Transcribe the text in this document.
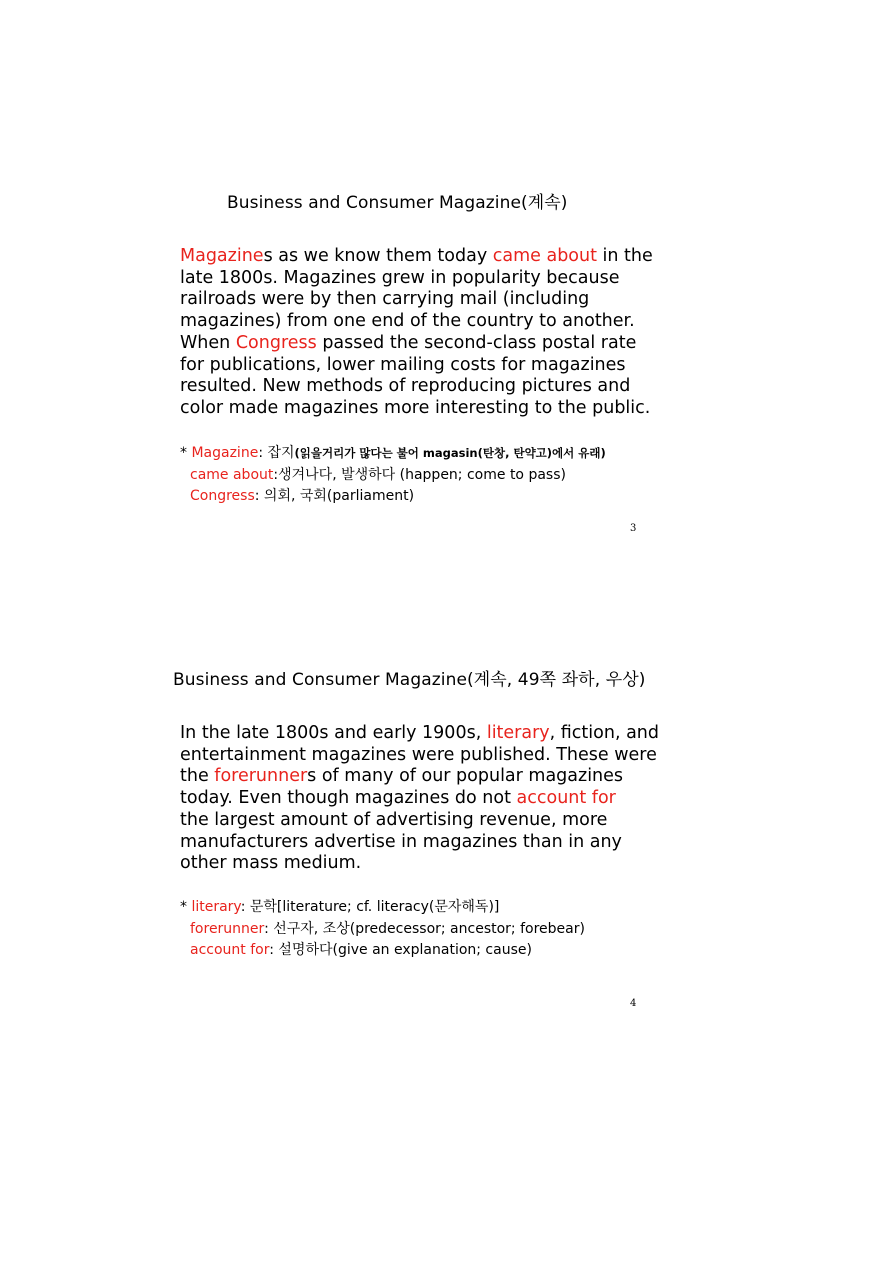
Business and Consumer Magazine(계속)
Magazines as we know them today came about in the
late 1800s. Magazines grew in popularity because
railroads were by then carrying mail (including
magazines) from one end of the country to another.
When Congress passed the second-class postal rate
for publications, lower mailing costs for magazines
resulted. New methods of reproducing pictures and
color made magazines more interesting to the public.
* Magazine: 잡지(읽을거리가 많다는 불어 magasin(탄창, 탄약고)에서 유래)
came about:생겨나다, 발생하다 (happen; come to pass)
Congress: 의회, 국회(parliament)
3
Business and Consumer Magazine(계속, 49쪽 좌하, 우상)
In the late 1800s and early 1900s, literary, fiction, and
entertainment magazines were published. These were
the forerunners of many of our popular magazines
today. Even though magazines do not account for
the largest amount of advertising revenue, more
manufacturers advertise in magazines than in any
other mass medium.
* literary: 문학[literature; cf. literacy(문자해독)]
forerunner: 선구자, 조상(predecessor; ancestor; forebear)
account for: 설명하다(give an explanation; cause)
4
